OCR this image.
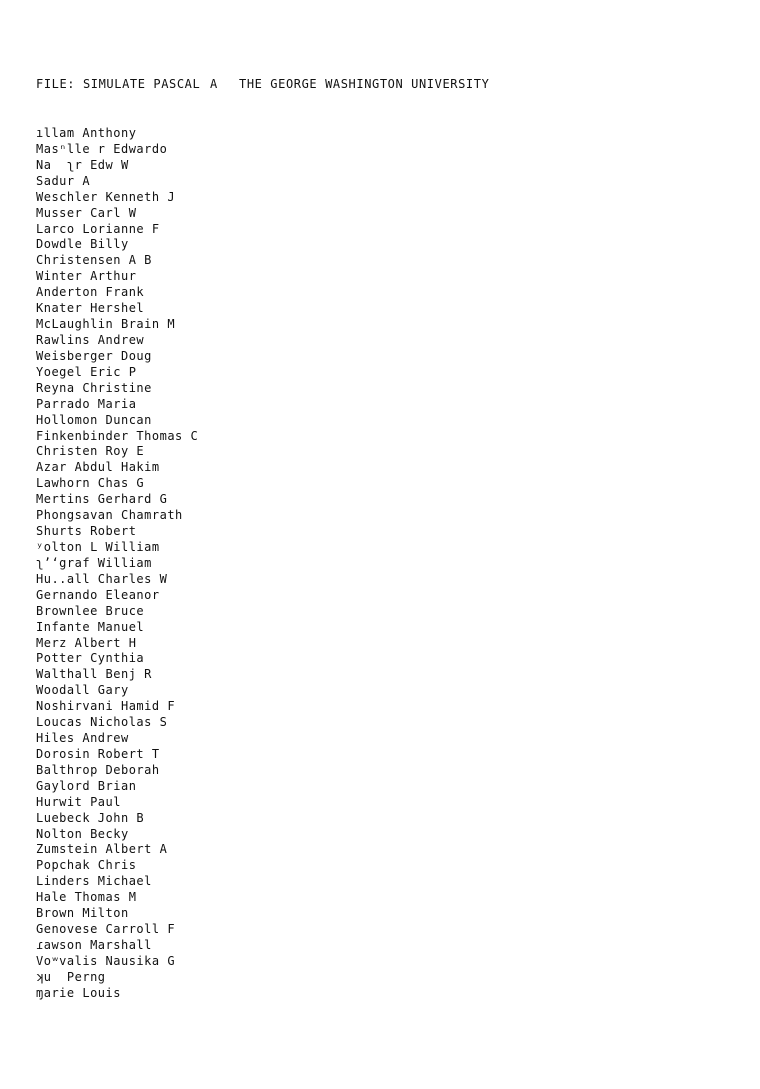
FILE: SIMULATE PASCAL A	THE GEORGE WASHINGTON UNIVERSITY
ıllam Anthony
Masⁿlle r Edwardo
Na  ʅr Edw W
Sadur A
Weschler Kenneth J
Musser Carl W
Larco Lorianne F
Dowdle Billy
Christensen A B
Winter Arthur
Anderton Frank
Knater Hershel
McLaughlin Brain M
Rawlins Andrew
Weisberger Doug
Yoegel Eric P
Reyna Christine
Parrado Maria
Hollomon Duncan
Finkenbinder Thomas C
Christen Roy E
Azar Abdul Hakim
Lawhorn Chas G
Mertins Gerhard G
Phongsavan Chamrath
Shurts Robert
ʸolton L William
ʅʼʻgraf William
Hu..all Charles W
Gernando Eleanor
Brownlee Bruce
Infante Manuel
Merz Albert H
Potter Cynthia
Walthall Benj R
Woodall Gary
Noshirvani Hamid F
Loucas Nicholas S
Hiles Andrew
Dorosin Robert T
Balthrop Deborah
Gaylord Brian
Hurwit Paul
Luebeck John B
Nolton Becky
Zumstein Albert A
Popchak Chris
Linders Michael
Hale Thomas M
Brown Milton
Genovese Carroll F
ɾawson Marshall
Voʷvalis Nausika G
ʞu  Perng
ɱarie Louis
